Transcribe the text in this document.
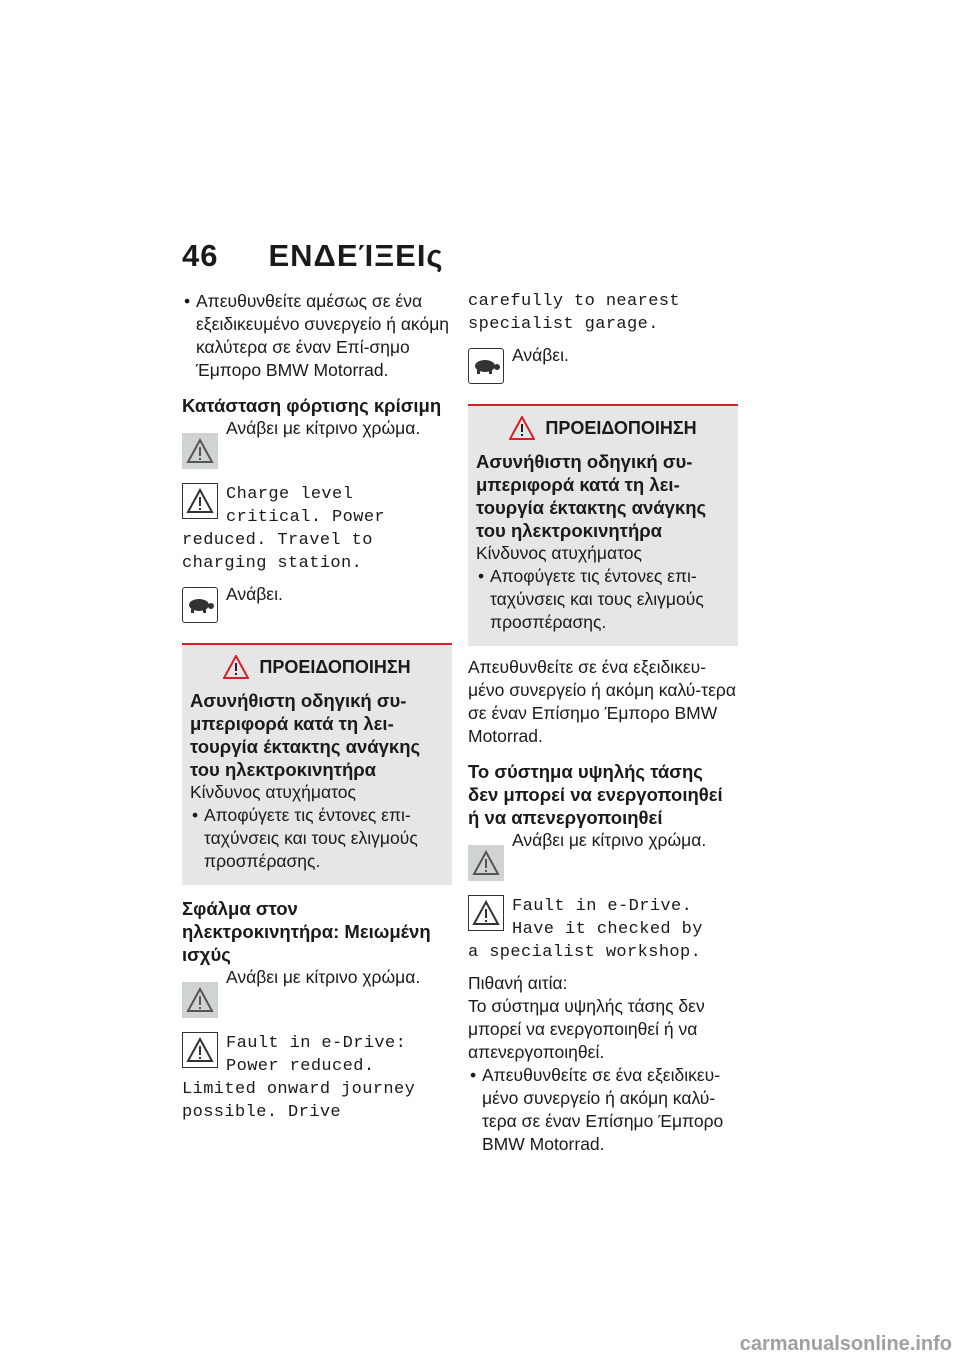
46 ΕΝΔΕΊΞΕΙς

• Απευθυνθείτε αμέσως σε ένα εξειδικευμένο συνεργείο ή ακόμη καλύτερα σε έναν Επί-σημο Έμπορο BMW Motorrad.

Κατάσταση φόρτισης κρίσιμη

Ανάβει με κίτρινο χρώμα.

Charge level
critical. Power
reduced. Travel to charging station.

Ανάβει.

ΠΡΟΕΙΔΟΠΟΙΗΣΗ

Ασυνήθιστη οδηγική συ-μπεριφορά κατά τη λει-τουργία έκτακτης ανάγκης του ηλεκτροκινητήρα

Κίνδυνος ατυχήματος

• Αποφύγετε τις έντονες επι-ταχύνσεις και τους ελιγμούς προσπέρασης.

Σφάλμα στον ηλεκτροκινητήρα: Μειωμένη ισχύς

Ανάβει με κίτρινο χρώμα.

Fault in e-Drive:
Power reduced.
Limited onward journey possible. Drive
carefully to nearest specialist garage.

Ανάβει.

ΠΡΟΕΙΔΟΠΟΙΗΣΗ

Ασυνήθιστη οδηγική συ-μπεριφορά κατά τη λει-τουργία έκτακτης ανάγκης του ηλεκτροκινητήρα

Κίνδυνος ατυχήματος

• Αποφύγετε τις έντονες επι-ταχύνσεις και τους ελιγμούς προσπέρασης.

Απευθυνθείτε σε ένα εξειδικευ-μένο συνεργείο ή ακόμη καλύ-τερα σε έναν Επίσημο Έμπορο BMW Motorrad.

Το σύστημα υψηλής τάσης δεν μπορεί να ενεργοποιηθεί ή να απενεργοποιηθεί

Ανάβει με κίτρινο χρώμα.

Fault in e-Drive.
Have it checked by
a specialist workshop.

Πιθανή αιτία:

Το σύστημα υψηλής τάσης δεν μπορεί να ενεργοποιηθεί ή να απενεργοποιηθεί.

• Απευθυνθείτε σε ένα εξειδικευ-μένο συνεργείο ή ακόμη καλύ-τερα σε έναν Επίσημο Έμπορο BMW Motorrad.

carmanualsonline.info
